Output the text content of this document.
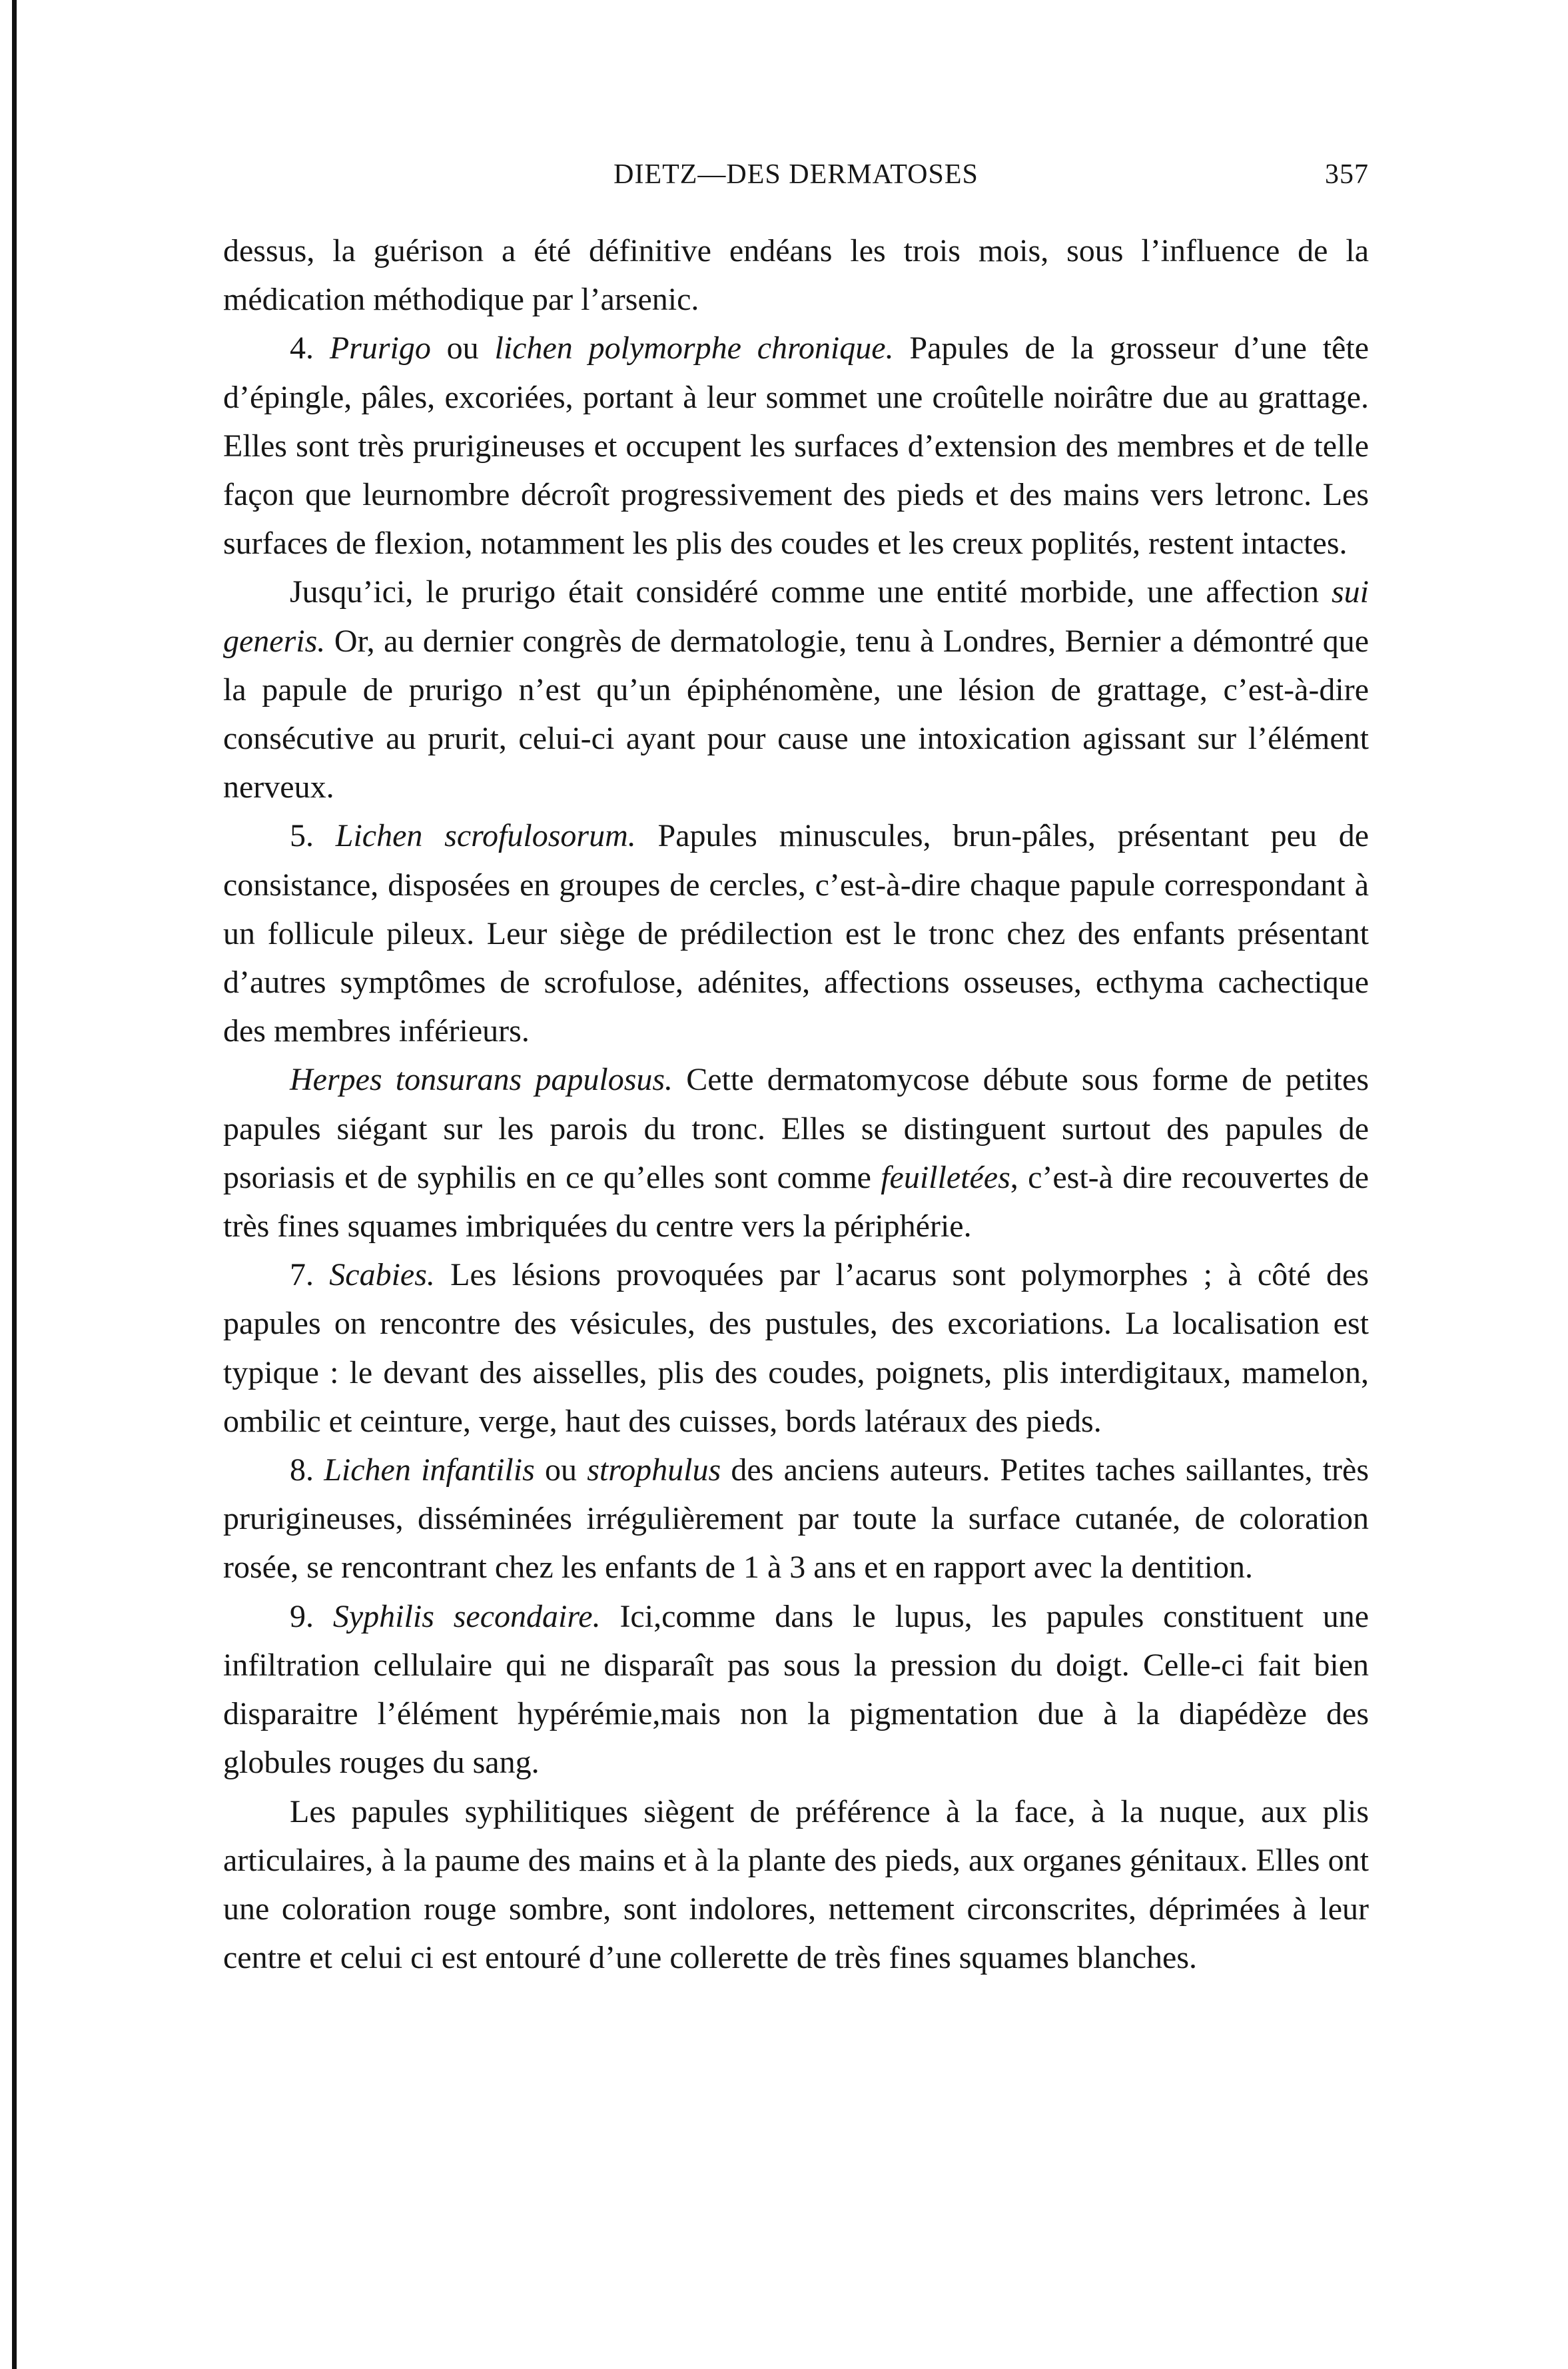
DIETZ—DES DERMATOSES	357

dessus, la guérison a été définitive endéans les trois mois, sous l’influence de la médication méthodique par l’arsenic.

4. Prurigo ou lichen polymorphe chronique. Papules de la grosseur d’une tête d’épingle, pâles, excoriées, portant à leur sommet une croûtelle noirâtre due au grattage. Elles sont très prurigineuses et occupent les surfaces d’extension des membres et de telle façon que leurnombre décroît progressivement des pieds et des mains vers letronc. Les surfaces de flexion, notamment les plis des coudes et les creux poplités, restent intactes.

Jusqu’ici, le prurigo était considéré comme une entité morbide, une affection sui generis. Or, au dernier congrès de dermatologie, tenu à Londres, Bernier a démontré que la papule de prurigo n’est qu’un épiphénomène, une lésion de grattage, c’est-à-dire consécutive au prurit, celui-ci ayant pour cause une intoxication agissant sur l’élément nerveux.

5. Lichen scrofulosorum. Papules minuscules, brun-pâles, présentant peu de consistance, disposées en groupes de cercles, c’est-à-dire chaque papule correspondant à un follicule pileux. Leur siège de prédilection est le tronc chez des enfants présentant d’autres symptômes de scrofulose, adénites, affections osseuses, ecthyma cachectique des membres inférieurs.

Herpes tonsurans papulosus. Cette dermatomycose débute sous forme de petites papules siégant sur les parois du tronc. Elles se distinguent surtout des papules de psoriasis et de syphilis en ce qu’elles sont comme feuilletées, c’est-à dire recouvertes de très fines squames imbriquées du centre vers la périphérie.

7. Scabies. Les lésions provoquées par l’acarus sont polymorphes ; à côté des papules on rencontre des vésicules, des pustules, des excoriations. La localisation est typique : le devant des aisselles, plis des coudes, poignets, plis interdigitaux, mamelon, ombilic et ceinture, verge, haut des cuisses, bords latéraux des pieds.

8. Lichen infantilis ou strophulus des anciens auteurs. Petites taches saillantes, très prurigineuses, disséminées irrégulièrement par toute la surface cutanée, de coloration rosée, se rencontrant chez les enfants de 1 à 3 ans et en rapport avec la dentition.

9. Syphilis secondaire. Ici,comme dans le lupus, les papules constituent une infiltration cellulaire qui ne disparaît pas sous la pression du doigt. Celle-ci fait bien disparaitre l’élément hypérémie,mais non la pigmentation due à la diapédèze des globules rouges du sang.

Les papules syphilitiques siègent de préférence à la face, à la nuque, aux plis articulaires, à la paume des mains et à la plante des pieds, aux organes génitaux. Elles ont une coloration rouge sombre, sont indolores, nettement circonscrites, déprimées à leur centre et celui ci est entouré d’une collerette de très fines squames blanches.
